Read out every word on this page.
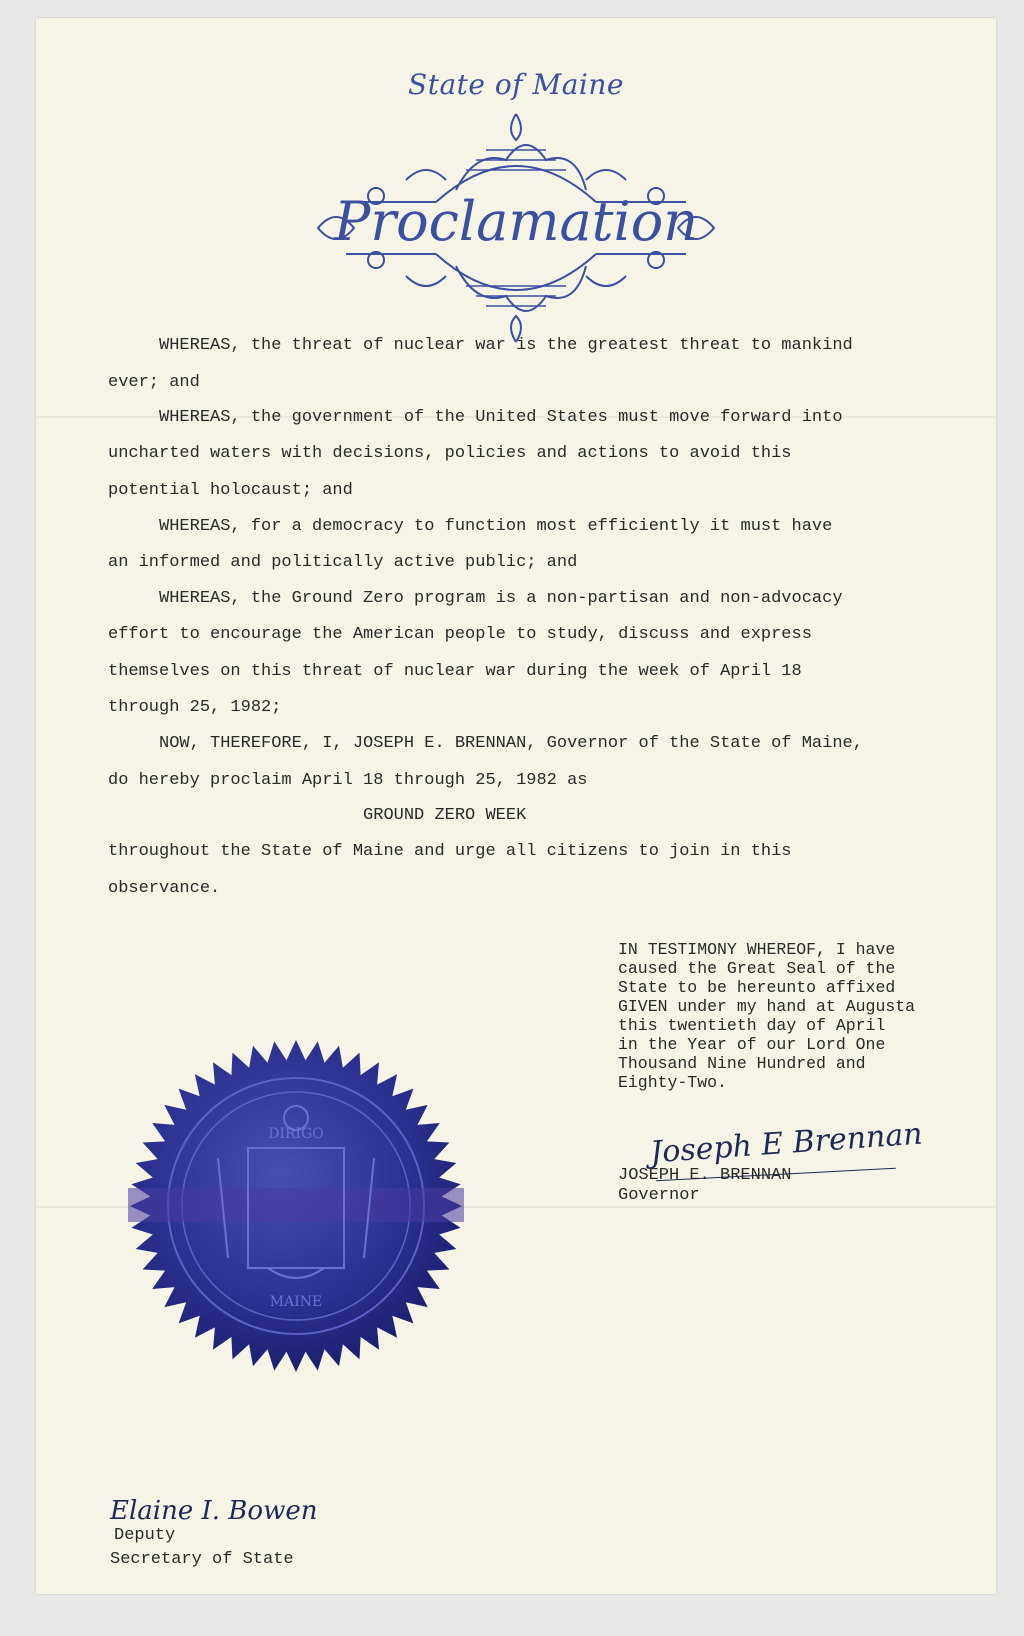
State of Maine
Proclamation
WHEREAS, the threat of nuclear war is the greatest threat to mankind
ever; and
WHEREAS, the government of the United States must move forward into
uncharted waters with decisions, policies and actions to avoid this
potential holocaust; and
WHEREAS, for a democracy to function most efficiently it must have
an informed and politically active public; and
WHEREAS, the Ground Zero program is a non-partisan and non-advocacy
effort to encourage the American people to study, discuss and express
themselves on this threat of nuclear war during the week of April 18
through 25, 1982;
NOW, THEREFORE, I, JOSEPH E. BRENNAN, Governor of the State of Maine,
do hereby proclaim April 18 through 25, 1982 as
GROUND ZERO WEEK
throughout the State of Maine and urge all citizens to join in this
observance.
IN TESTIMONY WHEREOF, I have
caused the Great Seal of the
State to be hereunto affixed
GIVEN under my hand at Augusta
this twentieth day of April
in the Year of our Lord One
Thousand Nine Hundred and
Eighty-Two.
Joseph E Brennan
JOSEPH E. BRENNAN
Governor
DIRIGO
MAINE
Elaine I. Bowen
Deputy
Secretary of State
